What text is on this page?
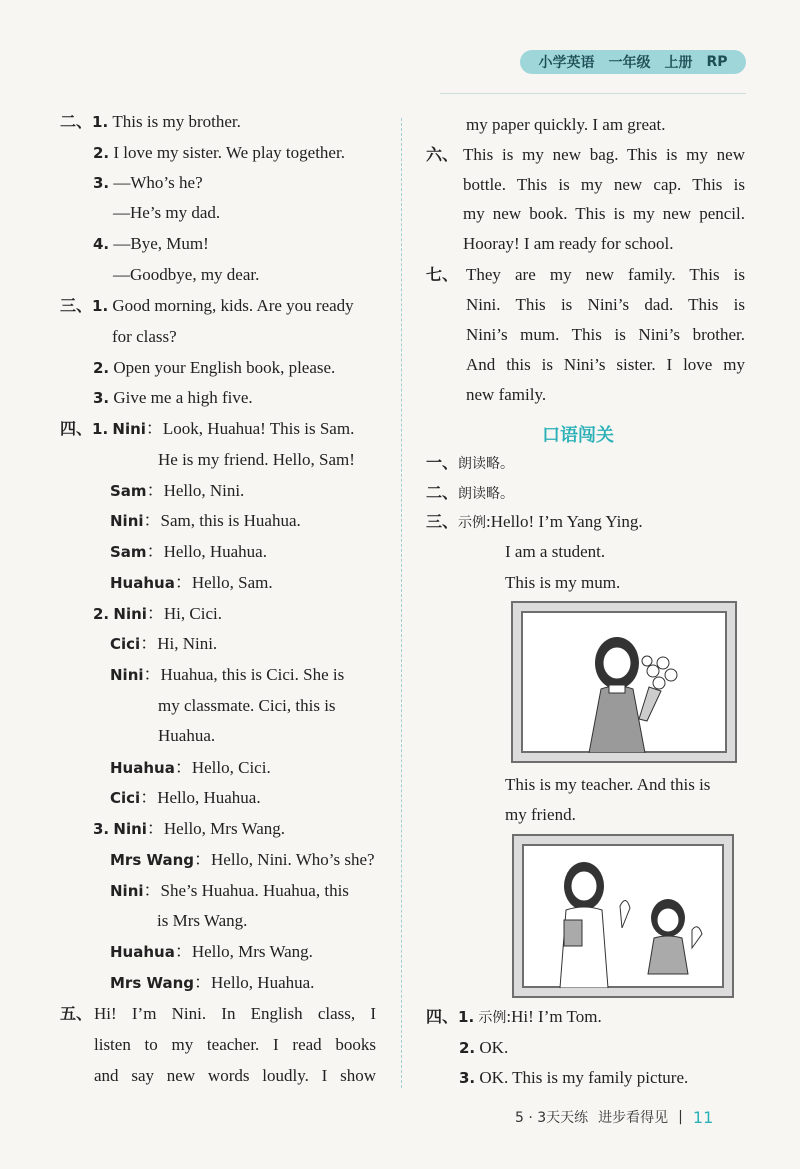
小学英语 一年级 上册 RP
二、1. This is my brother.
2. I love my sister. We play together.
3. —Who’s he?
—He’s my dad.
4. —Bye, Mum!
—Goodbye, my dear.
三、1. Good morning, kids. Are you ready
for class?
2. Open your English book, please.
3. Give me a high five.
四、1. Nini：Look, Huahua! This is Sam.
He is my friend. Hello, Sam!
Sam：Hello, Nini.
Nini：Sam, this is Huahua.
Sam：Hello, Huahua.
Huahua：Hello, Sam.
2. Nini：Hi, Cici.
Cici：Hi, Nini.
Nini：Huahua, this is Cici. She is
my classmate. Cici, this is
Huahua.
Huahua：Hello, Cici.
Cici：Hello, Huahua.
3. Nini：Hello, Mrs Wang.
Mrs Wang：Hello, Nini. Who’s she?
Nini：She’s Huahua. Huahua, this
is Mrs Wang.
Huahua：Hello, Mrs Wang.
Mrs Wang：Hello, Huahua.
五、 Hi! I’m Nini. In English class, I
listen to my teacher. I read books
and say new words loudly. I show
my paper quickly. I am great.
六、 This is my new bag. This is my new
bottle. This is my new cap. This is
my new book. This is my new pencil.
Hooray! I am ready for school.
七、 They are my new family. This is
Nini. This is Nini’s dad. This is
Nini’s mum. This is Nini’s brother.
And this is Nini’s sister. I love my
new family.
口语闯关
一、朗读略。
二、朗读略。
三、示例:Hello! I’m Yang Ying.
I am a student.
This is my mum.
This is my teacher. And this is
my friend.
四、1. 示例:Hi! I’m Tom.
2. OK.
3. OK. This is my family picture.
5 · 3天天练 进步看得见 | 11
